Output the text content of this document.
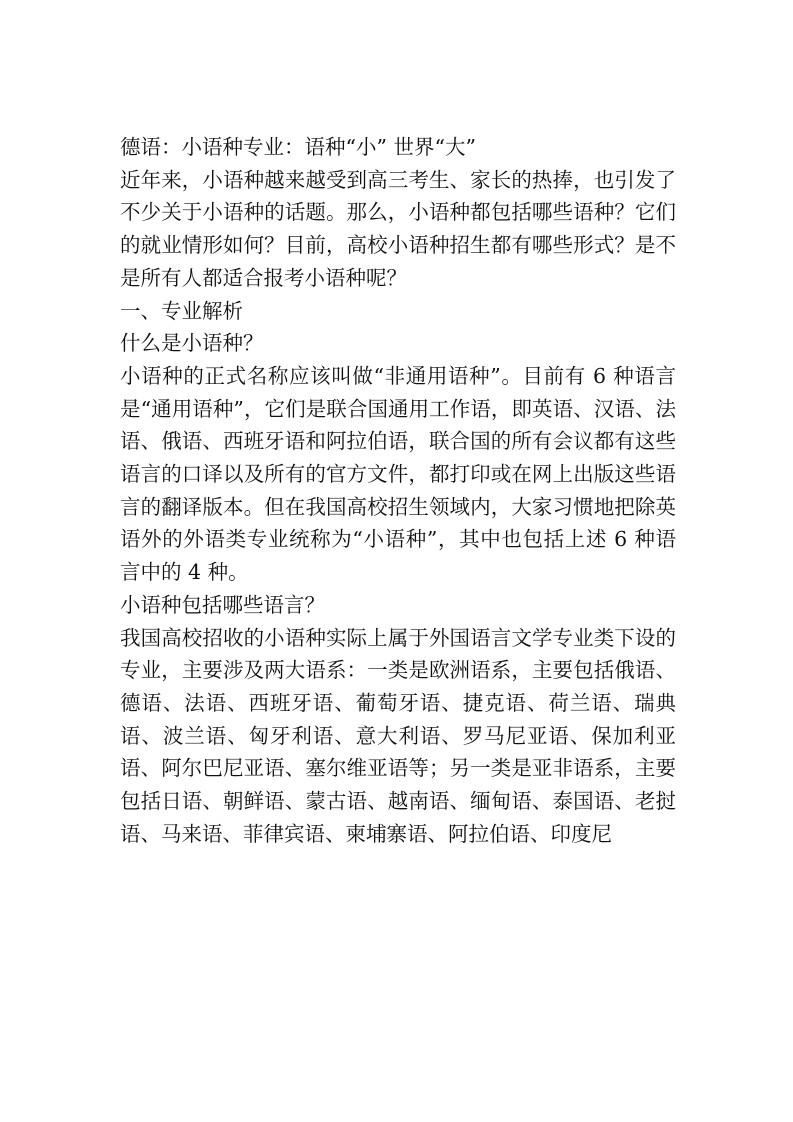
德语：小语种专业：语种“小” 世界“大”

近年来，小语种越来越受到高三考生、家长的热捧，也引发了不少关于小语种的话题。那么，小语种都包括哪些语种？它们的就业情形如何？目前，高校小语种招生都有哪些形式？是不是所有人都适合报考小语种呢？

一、专业解析

什么是小语种？

小语种的正式名称应该叫做“非通用语种”。目前有 6 种语言是“通用语种”，它们是联合国通用工作语，即英语、汉语、法语、俄语、西班牙语和阿拉伯语，联合国的所有会议都有这些语言的口译以及所有的官方文件，都打印或在网上出版这些语言的翻译版本。但在我国高校招生领域内，大家习惯地把除英语外的外语类专业统称为“小语种”，其中也包括上述 6 种语言中的 4 种。

小语种包括哪些语言？

我国高校招收的小语种实际上属于外国语言文学专业类下设的专业，主要涉及两大语系：一类是欧洲语系，主要包括俄语、德语、法语、西班牙语、葡萄牙语、捷克语、荷兰语、瑞典语、波兰语、匈牙利语、意大利语、罗马尼亚语、保加利亚语、阿尔巴尼亚语、塞尔维亚语等；另一类是亚非语系，主要包括日语、朝鲜语、蒙古语、越南语、缅甸语、泰国语、老挝语、马来语、菲律宾语、柬埔寨语、阿拉伯语、印度尼
